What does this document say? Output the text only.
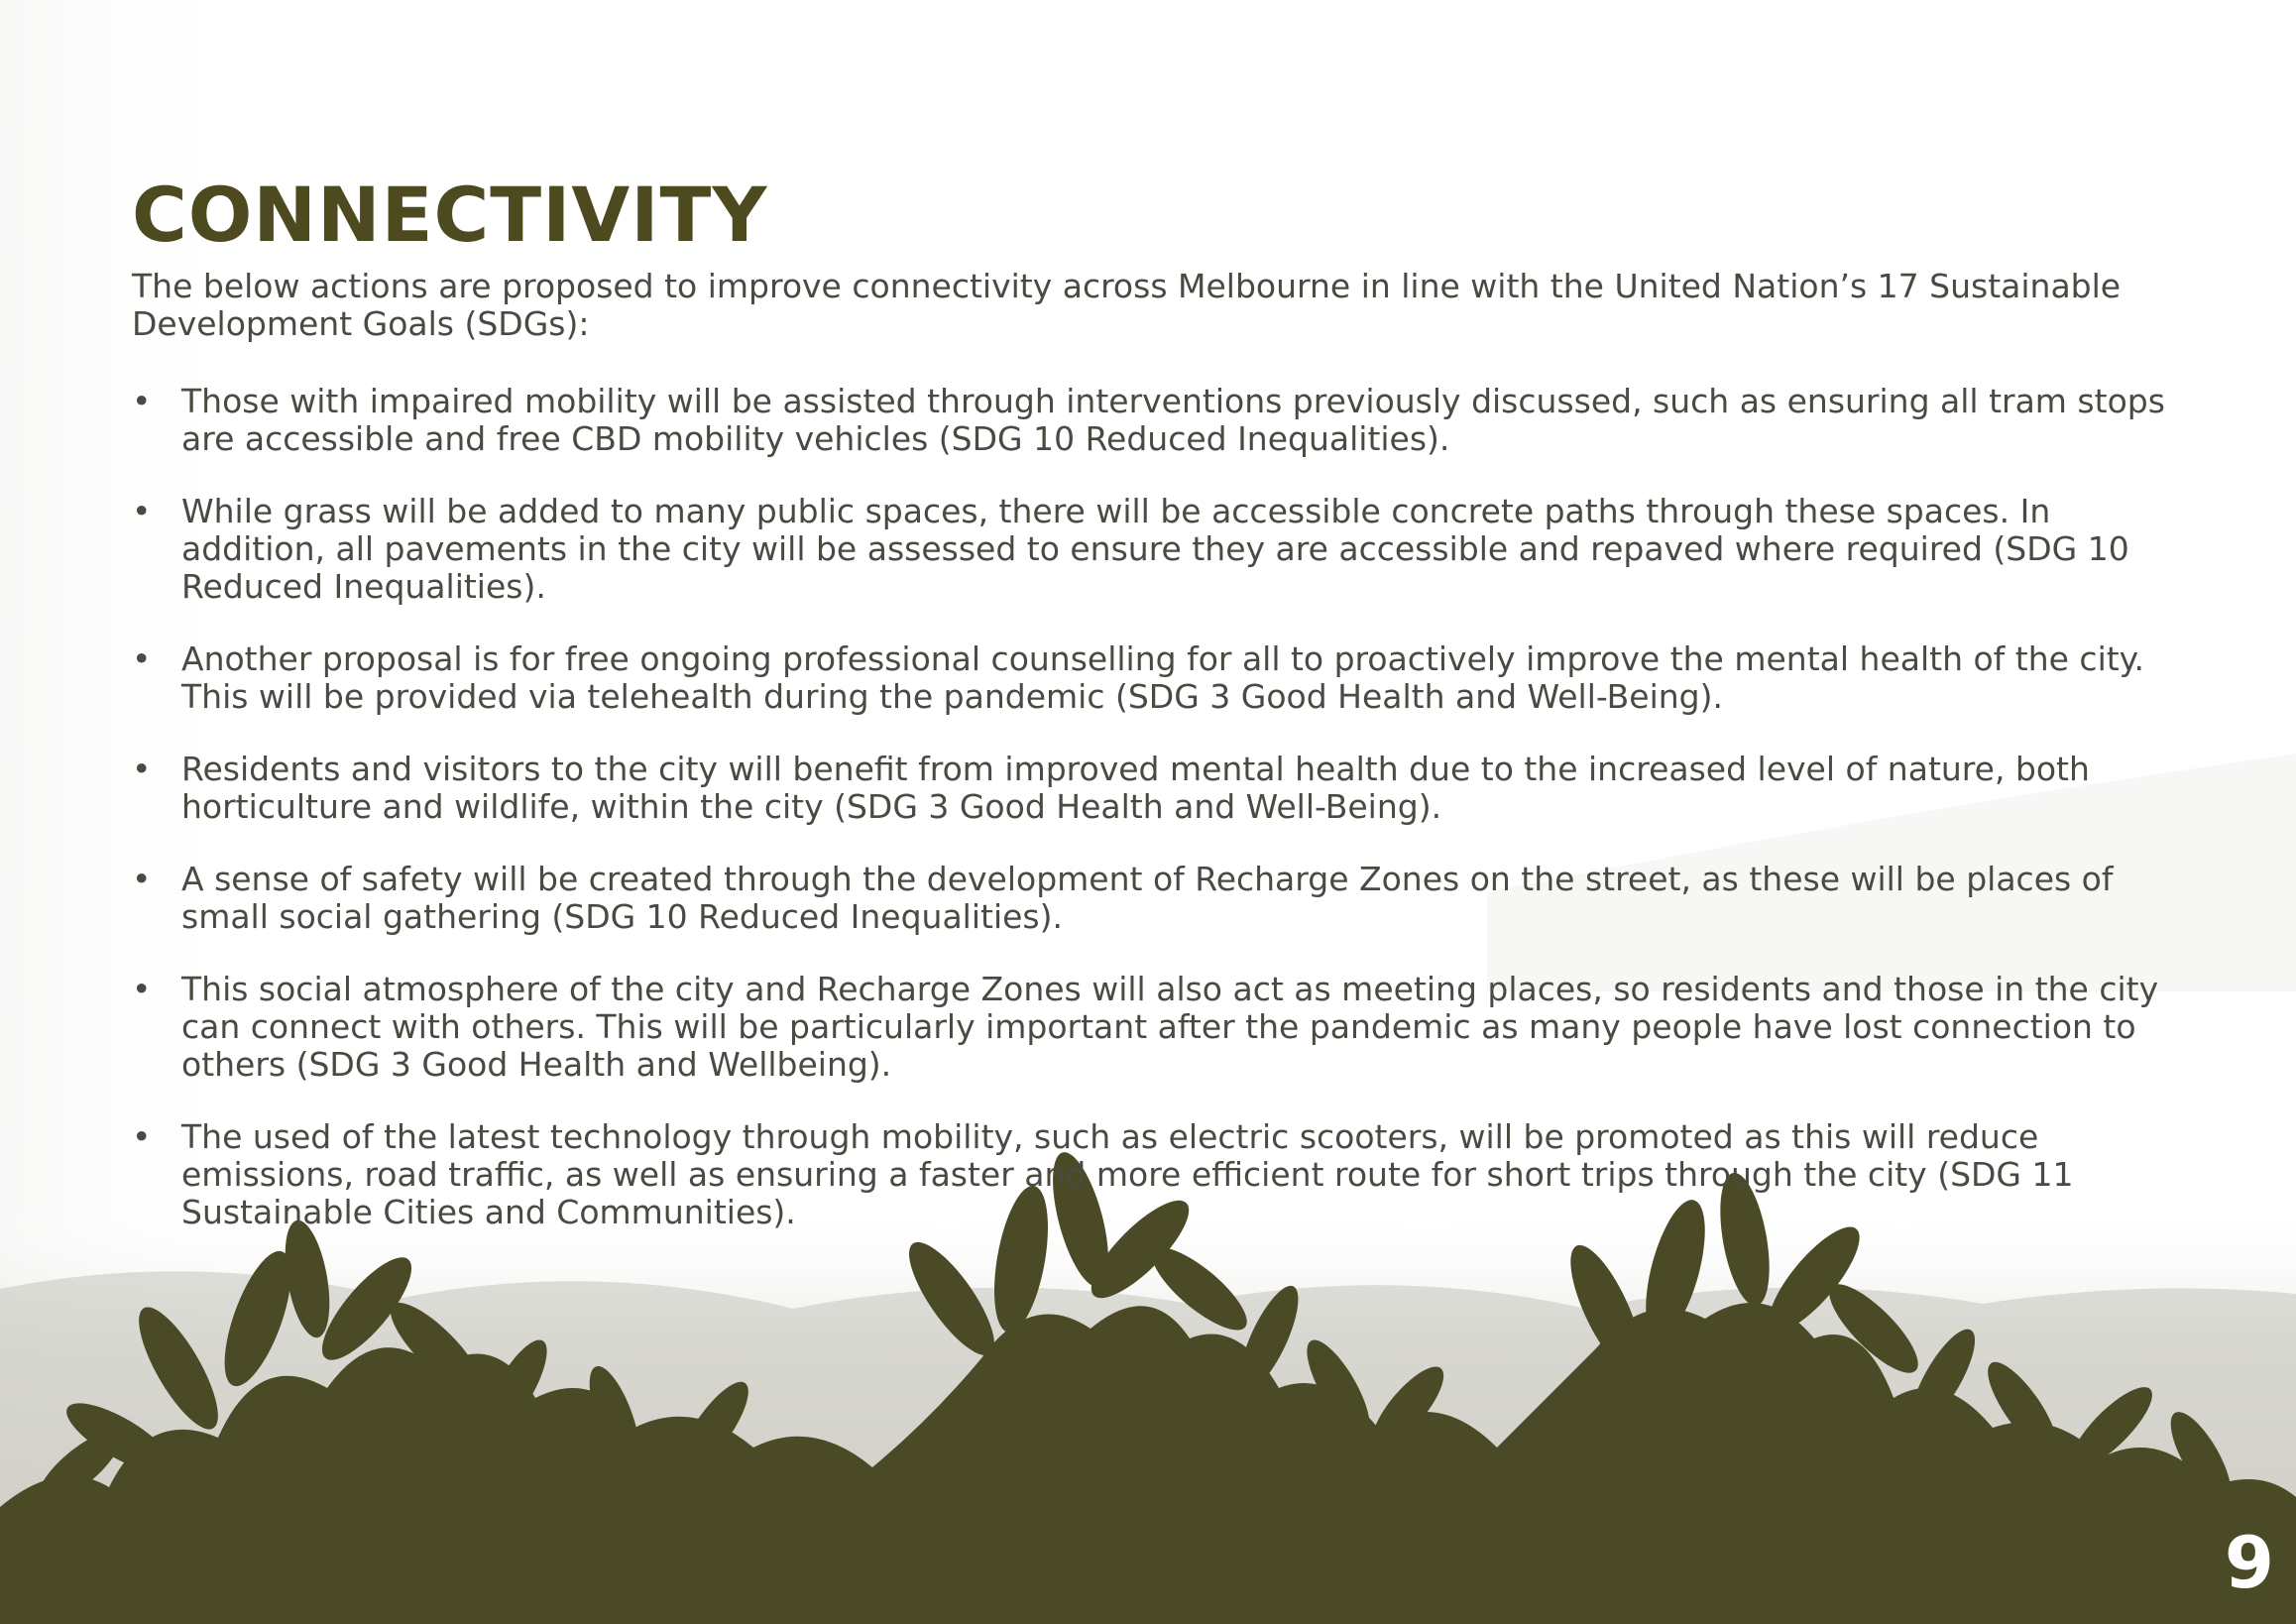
CONNECTIVITY

The below actions are proposed to improve connectivity across Melbourne in line with the United Nation’s 17 Sustainable Development Goals (SDGs):

• Those with impaired mobility will be assisted through interventions previously discussed, such as ensuring all tram stops are accessible and free CBD mobility vehicles (SDG 10 Reduced Inequalities).
• While grass will be added to many public spaces, there will be accessible concrete paths through these spaces. In addition, all pavements in the city will be assessed to ensure they are accessible and repaved where required (SDG 10 Reduced Inequalities).
• Another proposal is for free ongoing professional counselling for all to proactively improve the mental health of the city. This will be provided via telehealth during the pandemic (SDG 3 Good Health and Well-Being).
• Residents and visitors to the city will benefit from improved mental health due to the increased level of nature, both horticulture and wildlife, within the city (SDG 3 Good Health and Well-Being).
• A sense of safety will be created through the development of Recharge Zones on the street, as these will be places of small social gathering (SDG 10 Reduced Inequalities).
• This social atmosphere of the city and Recharge Zones will also act as meeting places, so residents and those in the city can connect with others. This will be particularly important after the pandemic as many people have lost connection to others (SDG 3 Good Health and Wellbeing).
• The used of the latest technology through mobility, such as electric scooters, will be promoted as this will reduce emissions, road traffic, as well as ensuring a faster and more efficient route for short trips through the city (SDG 11 Sustainable Cities and Communities).
9
